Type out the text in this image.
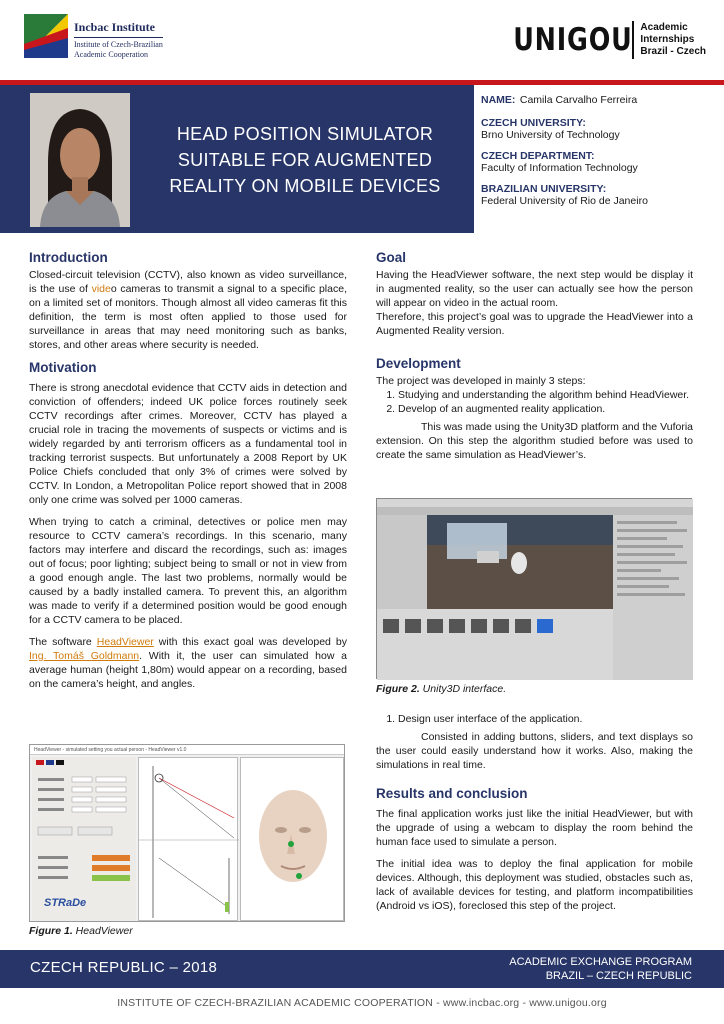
Incbac Institute
Institute of Czech-Brazilian
Academic Cooperation	UNIGOU Academic
Internships
Brazil - Czech
HEAD POSITION SIMULATOR
SUITABLE FOR AUGMENTED
REALITY ON MOBILE DEVICES
NAME: Camila Carvalho Ferreira
CZECH UNIVERSITY:
Brno University of Technology
CZECH DEPARTMENT:
Faculty of Information Technology
BRAZILIAN UNIVERSITY:
Federal University of Rio de Janeiro
Introduction

Closed-circuit television (CCTV), also known as video surveillance, is the use of video cameras to transmit a signal to a specific place, on a limited set of monitors. Though almost all video cameras fit this definition, the term is most often applied to those used for surveillance in areas that may need monitoring such as banks, stores, and other areas where security is needed.

Motivation

There is strong anecdotal evidence that CCTV aids in detection and conviction of offenders; indeed UK police forces routinely seek CCTV recordings after crimes. Moreover, CCTV has played a crucial role in tracing the movements of suspects or victims and is widely regarded by anti terrorism officers as a fundamental tool in tracking terrorist suspects. But unfortunately a 2008 Report by UK Police Chiefs concluded that only 3% of crimes were solved by CCTV. In London, a Metropolitan Police report showed that in 2008 only one crime was solved per 1000 cameras.

When trying to catch a criminal, detectives or police men may resource to CCTV camera’s recordings. In this scenario, many factors may interfere and discard the recordings, such as: images out of focus; poor lighting; subject being to small or not in view from a good enough angle. The last two problems, normally would be caused by a badly installed camera. To prevent this, an algorithm was made to verify if a determined position would be good enough for a CCTV camera to be placed.

The software HeadViewer with this exact goal was developed by Ing. Tomáš Goldmann. With it, the user can simulated how a average human (height 1,80m) would appear on a recording, based on the camera’s height, and angles.

HeadViewer - simulated setting you actual person - HeadViewer v1.0
STRaDe
Figure 1. HeadViewer
Goal

Having the HeadViewer software, the next step would be display it in augmented reality, so the user can actually see how the person will appear on video in the actual room.

Therefore, this project’s goal was to upgrade the HeadViewer into a Augmented Reality version.

Development

The project was developed in mainly 3 steps:

1. Studying and understanding the algorithm behind HeadViewer.
2. Develop of an augmented reality application.

This was made using the Unity3D platform and the Vuforia extension. On this step the algorithm studied before was used to create the same simulation as HeadViewer’s.

Figure 2. Unity3D interface.
1. Design user interface of the application.

Consisted in adding buttons, sliders, and text displays so the user could easily understand how it works. Also, making the simulations in real time.

Results and conclusion

The final application works just like the initial HeadViewer, but with the upgrade of using a webcam to display the room behind the human face used to simulate a person.

The initial idea was to deploy the final application for mobile devices. Although, this deployment was studied, obstacles such as, lack of available devices for testing, and platform incompatibilities (Android vs iOS), foreclosed this step of the project.

CZECH REPUBLIC – 2018	ACADEMIC EXCHANGE PROGRAM
BRAZIL – CZECH REPUBLIC
INSTITUTE OF CZECH-BRAZILIAN ACADEMIC COOPERATION - www.incbac.org - www.unigou.org
